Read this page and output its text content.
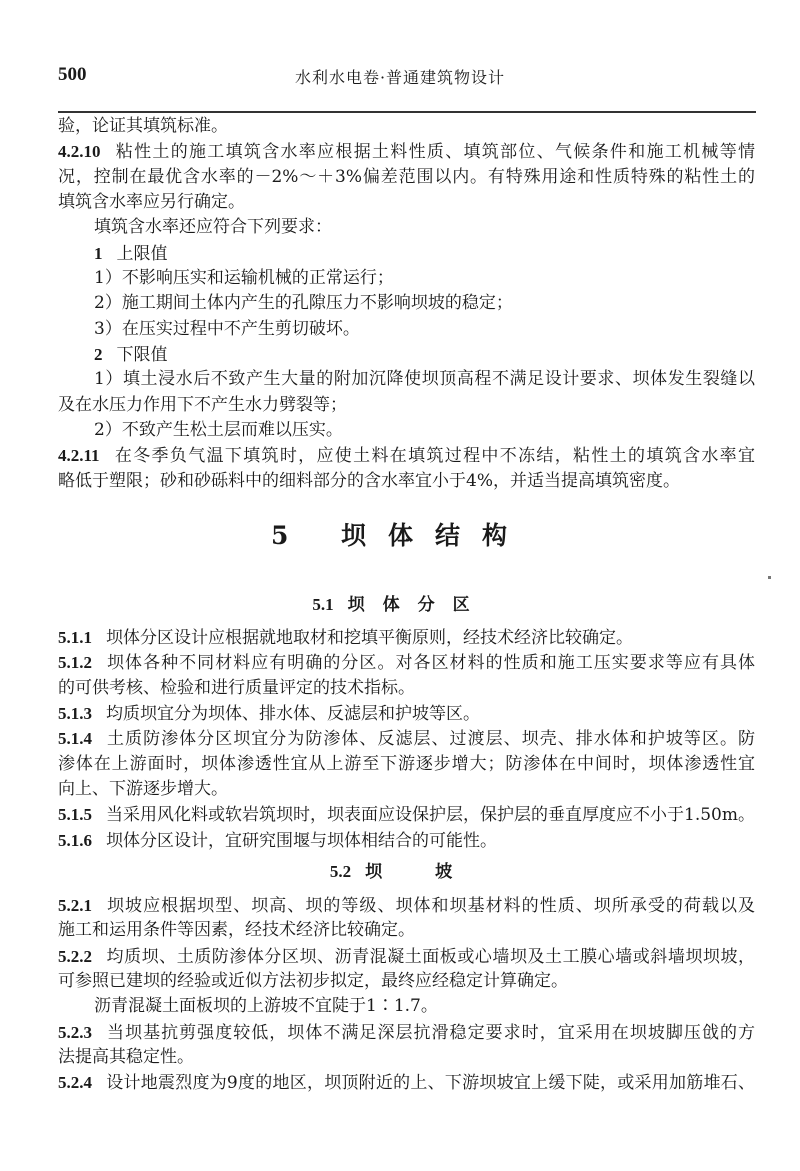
500	水利水电卷·普通建筑物设计
验，论证其填筑标准。
4.2.10 粘性土的施工填筑含水率应根据土料性质、填筑部位、气候条件和施工机械等情
况，控制在最优含水率的－2%～＋3%偏差范围以内。有特殊用途和性质特殊的粘性土的
填筑含水率应另行确定。
填筑含水率还应符合下列要求：
1 上限值
1）不影响压实和运输机械的正常运行；
2）施工期间土体内产生的孔隙压力不影响坝坡的稳定；
3）在压实过程中不产生剪切破坏。
2 下限值
1）填土浸水后不致产生大量的附加沉降使坝顶高程不满足设计要求、坝体发生裂缝以
及在水压力作用下不产生水力劈裂等；
2）不致产生松土层而难以压实。
4.2.11 在冬季负气温下填筑时，应使土料在填筑过程中不冻结，粘性土的填筑含水率宜
略低于塑限；砂和砂砾料中的细料部分的含水率宜小于4%，并适当提高填筑密度。
5 坝体结构
5.1 坝体分区
5.1.1 坝体分区设计应根据就地取材和挖填平衡原则，经技术经济比较确定。
5.1.2 坝体各种不同材料应有明确的分区。对各区材料的性质和施工压实要求等应有具体
的可供考核、检验和进行质量评定的技术指标。
5.1.3 均质坝宜分为坝体、排水体、反滤层和护坡等区。
5.1.4 土质防渗体分区坝宜分为防渗体、反滤层、过渡层、坝壳、排水体和护坡等区。防
渗体在上游面时，坝体渗透性宜从上游至下游逐步增大；防渗体在中间时，坝体渗透性宜
向上、下游逐步增大。
5.1.5 当采用风化料或软岩筑坝时，坝表面应设保护层，保护层的垂直厚度应不小于1.50m。
5.1.6 坝体分区设计，宜研究围堰与坝体相结合的可能性。
5.2 坝　坡
5.2.1 坝坡应根据坝型、坝高、坝的等级、坝体和坝基材料的性质、坝所承受的荷载以及
施工和运用条件等因素，经技术经济比较确定。
5.2.2 均质坝、土质防渗体分区坝、沥青混凝土面板或心墙坝及土工膜心墙或斜墙坝坝坡，
可参照已建坝的经验或近似方法初步拟定，最终应经稳定计算确定。
沥青混凝土面板坝的上游坡不宜陡于1∶1.7。
5.2.3 当坝基抗剪强度较低，坝体不满足深层抗滑稳定要求时，宜采用在坝坡脚压戗的方
法提高其稳定性。
5.2.4 设计地震烈度为9度的地区，坝顶附近的上、下游坝坡宜上缓下陡，或采用加筋堆石、
